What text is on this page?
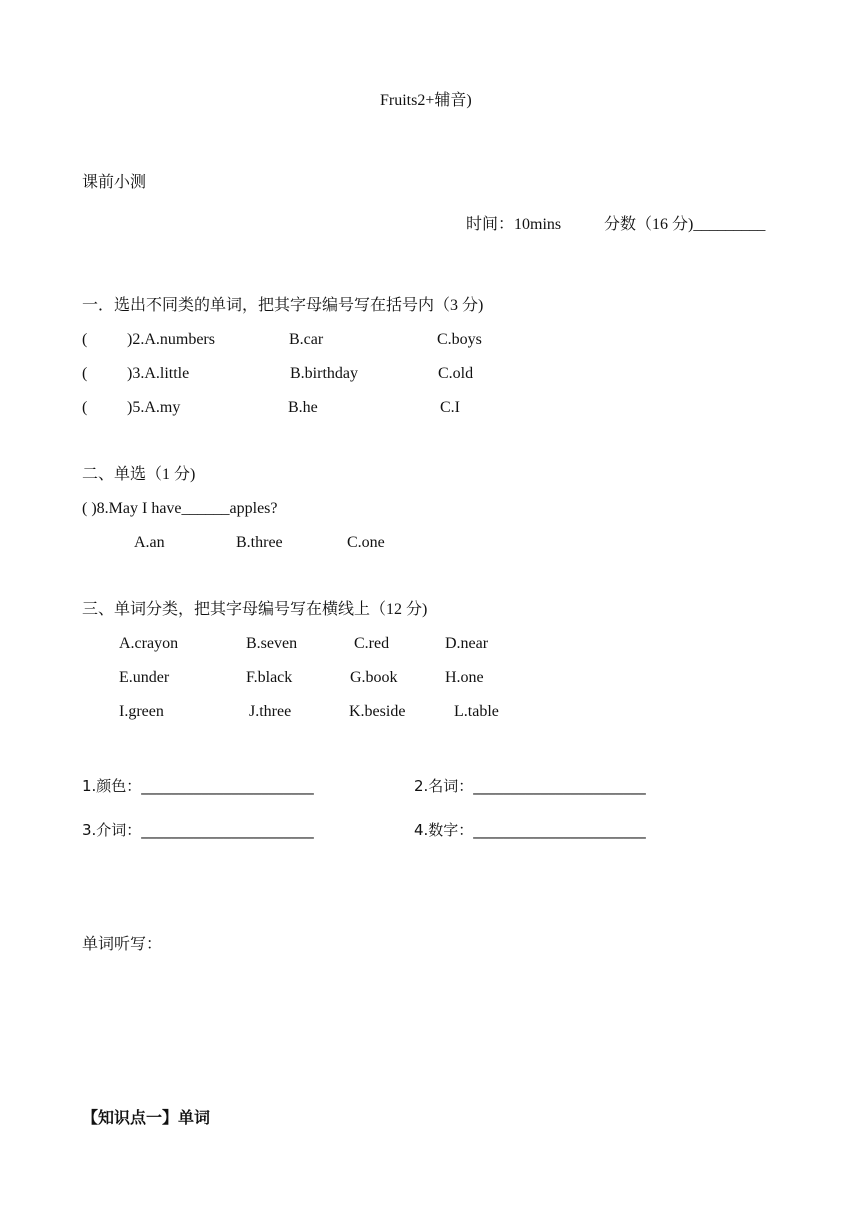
Fruits2+辅音)
课前小测
时间：10mins	分数（16 分)_________
一．选出不同类的单词，把其字母编号写在括号内（3 分)
( )2.A.numbers	B.car	C.boys
( )3.A.little	B.birthday	C.old
( )5.A.my	B.he	C.I
二、单选（1 分)
( )8.May I have______apples?
A.an	B.three	C.one
三、单词分类，把其字母编号写在横线上（12 分)
A.crayon	B.seven	C.red	D.near
E.under	F.black	G.book	H.one
I.green	J.three	K.beside	L.table
1.颜色：_______________________	2.名词：_______________________
3.介词：_______________________	4.数字：_______________________
单词听写：
【知识点一】单词
